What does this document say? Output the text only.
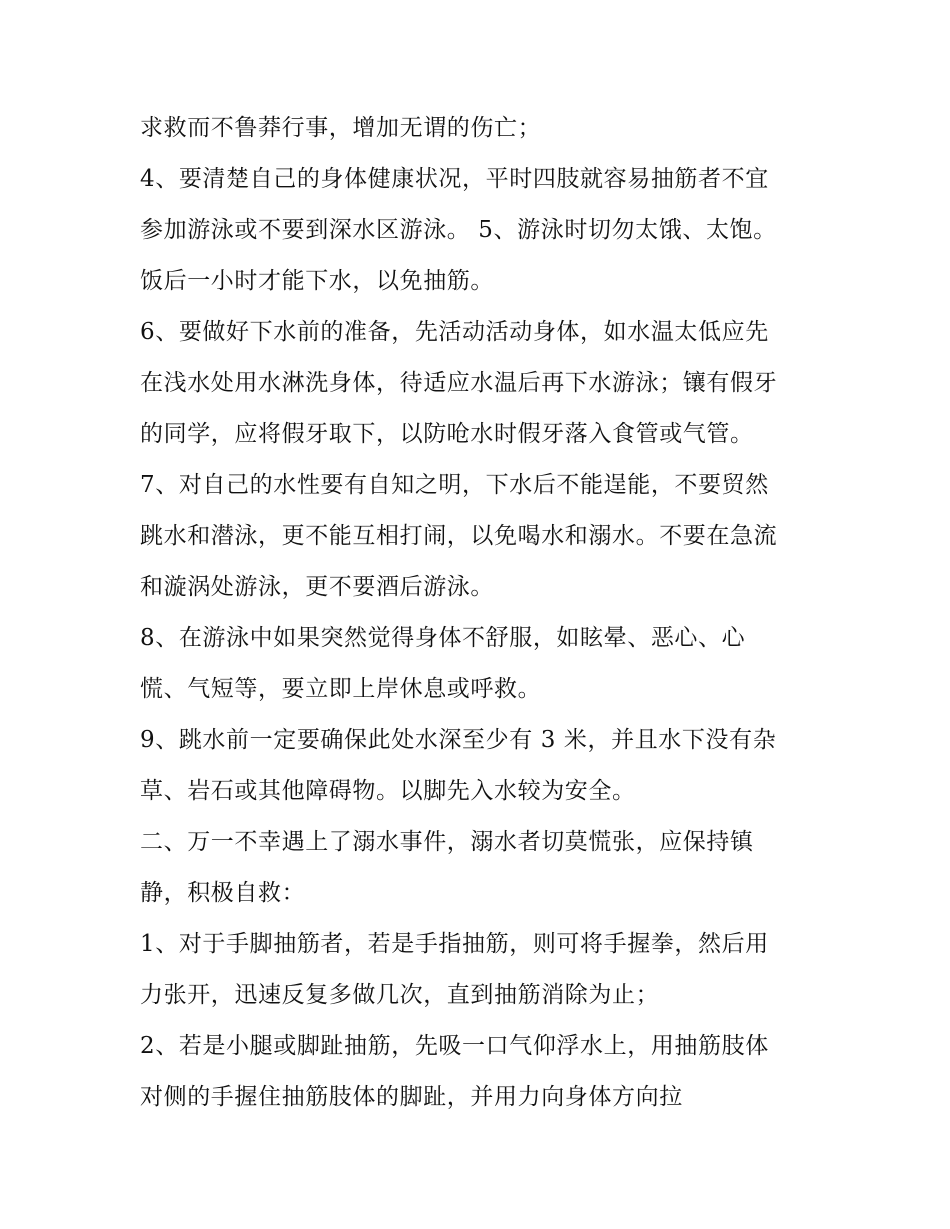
求救而不鲁莽行事，增加无谓的伤亡；
4、要清楚自己的身体健康状况，平时四肢就容易抽筋者不宜
参加游泳或不要到深水区游泳。 5、游泳时切勿太饿、太饱。
饭后一小时才能下水，以免抽筋。
6、要做好下水前的准备，先活动活动身体，如水温太低应先
在浅水处用水淋洗身体，待适应水温后再下水游泳；镶有假牙
的同学，应将假牙取下，以防呛水时假牙落入食管或气管。
7、对自己的水性要有自知之明，下水后不能逞能，不要贸然
跳水和潜泳，更不能互相打闹，以免喝水和溺水。不要在急流
和漩涡处游泳，更不要酒后游泳。
8、在游泳中如果突然觉得身体不舒服，如眩晕、恶心、心
慌、气短等，要立即上岸休息或呼救。
9、跳水前一定要确保此处水深至少有 3 米，并且水下没有杂
草、岩石或其他障碍物。以脚先入水较为安全。
二、万一不幸遇上了溺水事件，溺水者切莫慌张，应保持镇
静，积极自救：
1、对于手脚抽筋者，若是手指抽筋，则可将手握拳，然后用
力张开，迅速反复多做几次，直到抽筋消除为止；
2、若是小腿或脚趾抽筋，先吸一口气仰浮水上，用抽筋肢体
对侧的手握住抽筋肢体的脚趾，并用力向身体方向拉
